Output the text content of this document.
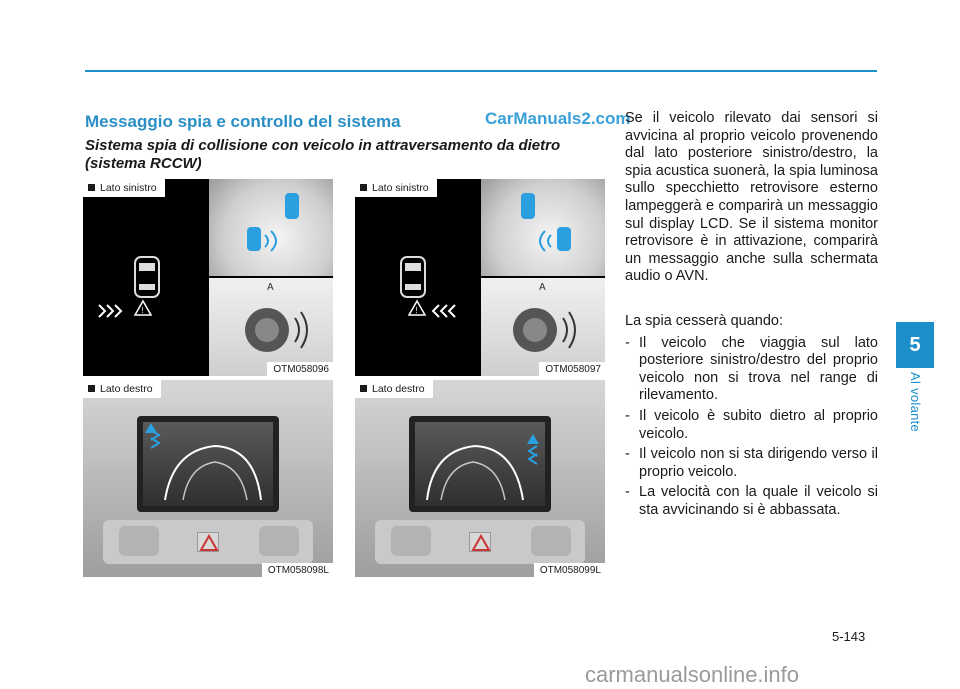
5
Al volante
Messaggio spia e controllo del sistema	CarManuals2.com
Sistema spia di collisione con veicolo in attraversamento da dietro (sistema RCCW)
Lato sinistro
!
A
OTM058096
Lato sinistro
!
A
OTM058097
Lato destro
OTM058098L
Lato destro
OTM058099L

Se il veicolo rilevato dai sensori si avvicina al proprio veicolo provenendo dal lato posteriore sinistro/destro, la spia acustica suonerà, la spia luminosa sullo specchietto retrovisore esterno lampeggerà e comparirà un messaggio sul display LCD. Se il sistema monitor retrovisore è in attivazione, comparirà un messaggio anche sulla schermata audio o AVN.

La spia cesserà quando:
- Il veicolo che viaggia sul lato posteriore sinistro/destro del proprio veicolo non si trova nel range di rilevamento.
- Il veicolo è subito dietro al proprio veicolo.
- Il veicolo non si sta dirigendo verso il proprio veicolo.
- La velocità con la quale il veicolo si sta avvicinando si è abbassata.
5-143
carmanualsonline.info
